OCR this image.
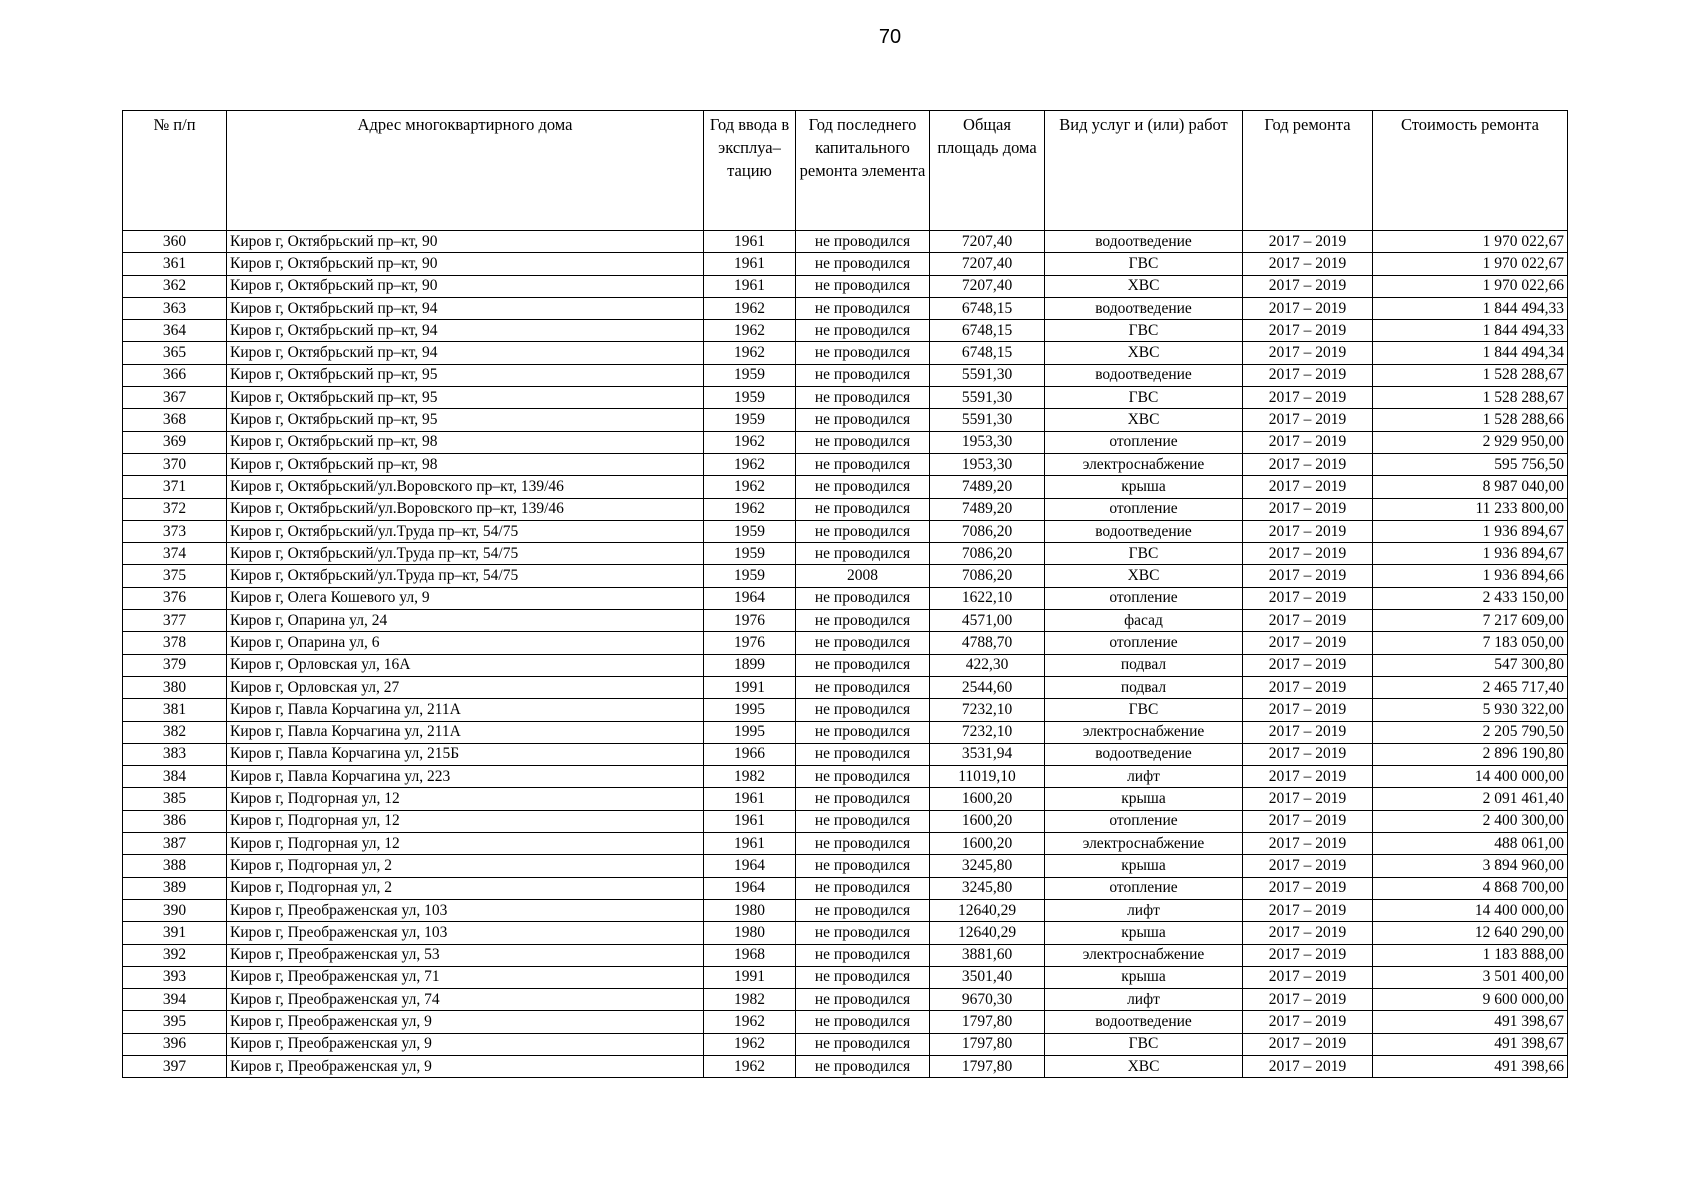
70
№ п/п	Адрес многоквартирного дома	Год ввода в эксплуа– тацию	Год последнего капитального ремонта элемента	Общая площадь дома	Вид услуг и (или) работ	Год ремонта	Стоимость ремонта
360	Киров г, Октябрьский пр–кт, 90	1961	не проводился	7207,40	водоотведение	2017 – 2019	1 970 022,67
361	Киров г, Октябрьский пр–кт, 90	1961	не проводился	7207,40	ГВС	2017 – 2019	1 970 022,67
362	Киров г, Октябрьский пр–кт, 90	1961	не проводился	7207,40	ХВС	2017 – 2019	1 970 022,66
363	Киров г, Октябрьский пр–кт, 94	1962	не проводился	6748,15	водоотведение	2017 – 2019	1 844 494,33
364	Киров г, Октябрьский пр–кт, 94	1962	не проводился	6748,15	ГВС	2017 – 2019	1 844 494,33
365	Киров г, Октябрьский пр–кт, 94	1962	не проводился	6748,15	ХВС	2017 – 2019	1 844 494,34
366	Киров г, Октябрьский пр–кт, 95	1959	не проводился	5591,30	водоотведение	2017 – 2019	1 528 288,67
367	Киров г, Октябрьский пр–кт, 95	1959	не проводился	5591,30	ГВС	2017 – 2019	1 528 288,67
368	Киров г, Октябрьский пр–кт, 95	1959	не проводился	5591,30	ХВС	2017 – 2019	1 528 288,66
369	Киров г, Октябрьский пр–кт, 98	1962	не проводился	1953,30	отопление	2017 – 2019	2 929 950,00
370	Киров г, Октябрьский пр–кт, 98	1962	не проводился	1953,30	электроснабжение	2017 – 2019	595 756,50
371	Киров г, Октябрьский/ул.Воровского пр–кт, 139/46	1962	не проводился	7489,20	крыша	2017 – 2019	8 987 040,00
372	Киров г, Октябрьский/ул.Воровского пр–кт, 139/46	1962	не проводился	7489,20	отопление	2017 – 2019	11 233 800,00
373	Киров г, Октябрьский/ул.Труда пр–кт, 54/75	1959	не проводился	7086,20	водоотведение	2017 – 2019	1 936 894,67
374	Киров г, Октябрьский/ул.Труда пр–кт, 54/75	1959	не проводился	7086,20	ГВС	2017 – 2019	1 936 894,67
375	Киров г, Октябрьский/ул.Труда пр–кт, 54/75	1959	2008	7086,20	ХВС	2017 – 2019	1 936 894,66
376	Киров г, Олега Кошевого ул, 9	1964	не проводился	1622,10	отопление	2017 – 2019	2 433 150,00
377	Киров г, Опарина ул, 24	1976	не проводился	4571,00	фасад	2017 – 2019	7 217 609,00
378	Киров г, Опарина ул, 6	1976	не проводился	4788,70	отопление	2017 – 2019	7 183 050,00
379	Киров г, Орловская ул, 16А	1899	не проводился	422,30	подвал	2017 – 2019	547 300,80
380	Киров г, Орловская ул, 27	1991	не проводился	2544,60	подвал	2017 – 2019	2 465 717,40
381	Киров г, Павла Корчагина ул, 211А	1995	не проводился	7232,10	ГВС	2017 – 2019	5 930 322,00
382	Киров г, Павла Корчагина ул, 211А	1995	не проводился	7232,10	электроснабжение	2017 – 2019	2 205 790,50
383	Киров г, Павла Корчагина ул, 215Б	1966	не проводился	3531,94	водоотведение	2017 – 2019	2 896 190,80
384	Киров г, Павла Корчагина ул, 223	1982	не проводился	11019,10	лифт	2017 – 2019	14 400 000,00
385	Киров г, Подгорная ул, 12	1961	не проводился	1600,20	крыша	2017 – 2019	2 091 461,40
386	Киров г, Подгорная ул, 12	1961	не проводился	1600,20	отопление	2017 – 2019	2 400 300,00
387	Киров г, Подгорная ул, 12	1961	не проводился	1600,20	электроснабжение	2017 – 2019	488 061,00
388	Киров г, Подгорная ул, 2	1964	не проводился	3245,80	крыша	2017 – 2019	3 894 960,00
389	Киров г, Подгорная ул, 2	1964	не проводился	3245,80	отопление	2017 – 2019	4 868 700,00
390	Киров г, Преображенская ул, 103	1980	не проводился	12640,29	лифт	2017 – 2019	14 400 000,00
391	Киров г, Преображенская ул, 103	1980	не проводился	12640,29	крыша	2017 – 2019	12 640 290,00
392	Киров г, Преображенская ул, 53	1968	не проводился	3881,60	электроснабжение	2017 – 2019	1 183 888,00
393	Киров г, Преображенская ул, 71	1991	не проводился	3501,40	крыша	2017 – 2019	3 501 400,00
394	Киров г, Преображенская ул, 74	1982	не проводился	9670,30	лифт	2017 – 2019	9 600 000,00
395	Киров г, Преображенская ул, 9	1962	не проводился	1797,80	водоотведение	2017 – 2019	491 398,67
396	Киров г, Преображенская ул, 9	1962	не проводился	1797,80	ГВС	2017 – 2019	491 398,67
397	Киров г, Преображенская ул, 9	1962	не проводился	1797,80	ХВС	2017 – 2019	491 398,66
